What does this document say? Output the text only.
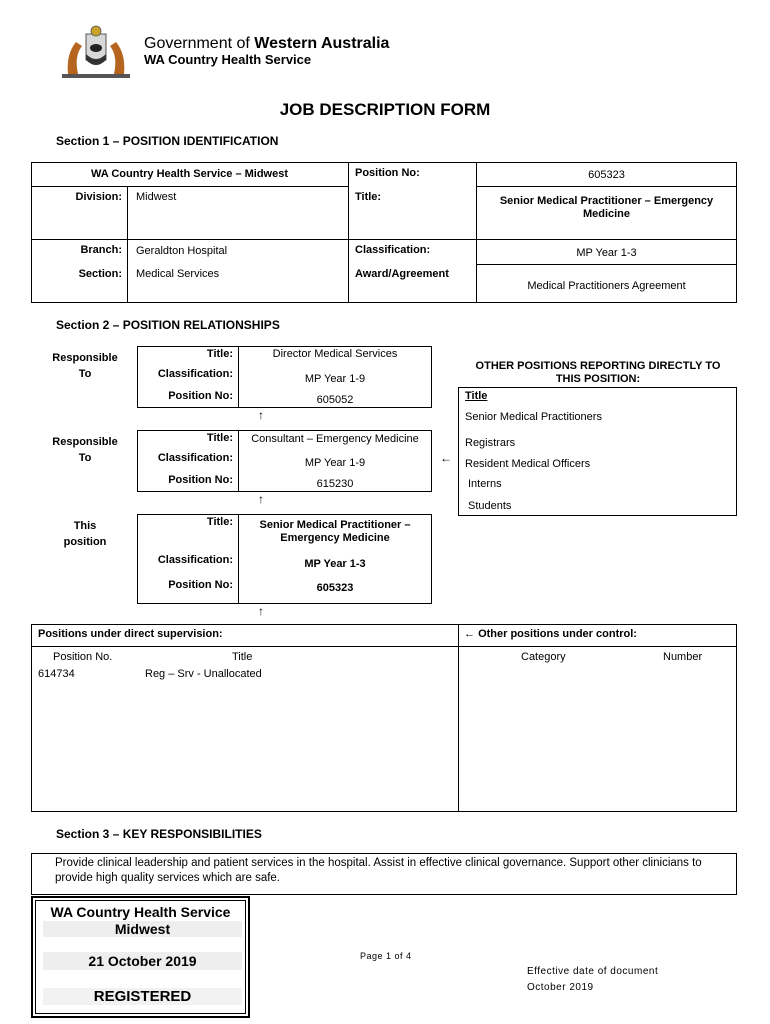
Government of Western Australia
WA Country Health Service
JOB DESCRIPTION FORM
Section 1 – POSITION IDENTIFICATION
WA Country Health Service – Midwest	Position No:	605323
Division: Midwest	Title:	Senior Medical Practitioner – Emergency Medicine
Branch: Geraldton Hospital	Classification:	MP Year 1-3
Section: Medical Services	Award/Agreement
Medical Practitioners Agreement
Section 2 – POSITION RELATIONSHIPS
Responsible To
Responsible To
This position
Title:	Director Medical Services
Classification:	MP Year 1-9
Position No:	605052
↑
Title:	Consultant – Emergency Medicine
Classification:	MP Year 1-9
Position No:	615230
↑
←
Title:	Senior Medical Practitioner – Emergency Medicine
Classification:	MP Year 1-3
Position No:	605323
↑
OTHER POSITIONS REPORTING DIRECTLY TO THIS POSITION:
Title
Senior Medical Practitioners
Registrars
Resident Medical Officers
Interns
Students
Positions under direct supervision:	← Other positions under control:
Position No.	Title	Category	Number
614734	Reg – Srv - Unallocated
Section 3 – KEY RESPONSIBILITIES
Provide clinical leadership and patient services in the hospital. Assist in effective clinical governance. Support other clinicians to provide high quality services which are safe.
WA Country Health Service
Midwest
21 October 2019
REGISTERED
Page 1 of 4
Effective date of document
October 2019
